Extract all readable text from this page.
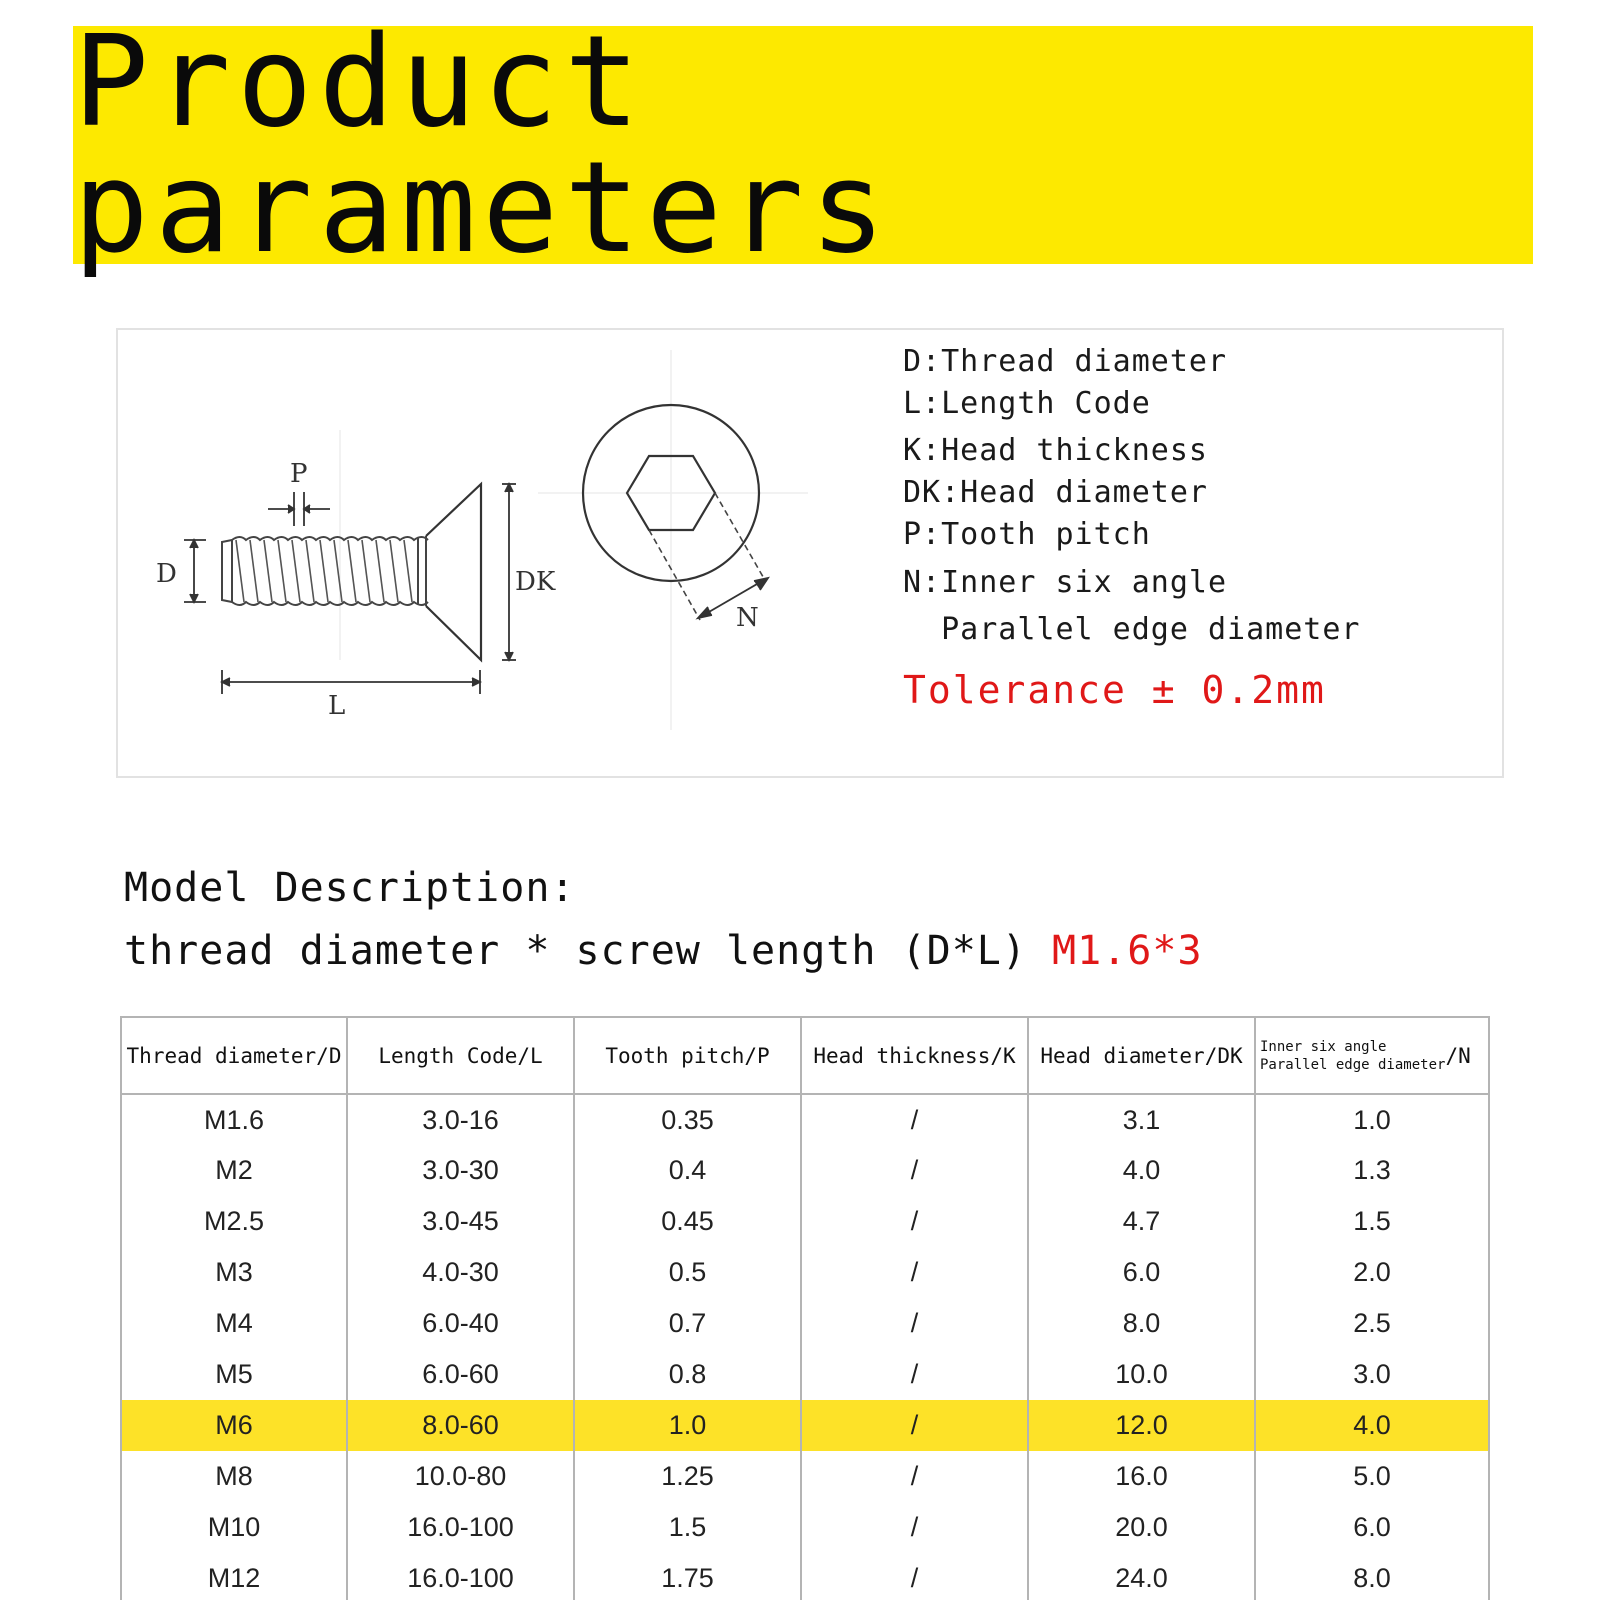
Product parameters
P
D	DK
L
N
D:Thread diameter
L:Length Code
K:Head thickness
DK:Head diameter
P:Tooth pitch
N:Inner six angle
Parallel edge diameter
Tolerance ± 0.2mm
Model Description:
thread diameter * screw length (D*L) M1.6*3
Thread diameter/D	Length Code/L	Tooth pitch/P	Head thickness/K	Head diameter/DK	Inner six angle
Parallel edge diameter/N
M1.6	3.0-16	0.35	/	3.1	1.0
M2	3.0-30	0.4	/	4.0	1.3
M2.5	3.0-45	0.45	/	4.7	1.5
M3	4.0-30	0.5	/	6.0	2.0
M4	6.0-40	0.7	/	8.0	2.5
M5	6.0-60	0.8	/	10.0	3.0
M6	8.0-60	1.0	/	12.0	4.0
M8	10.0-80	1.25	/	16.0	5.0
M10	16.0-100	1.5	/	20.0	6.0
M12	16.0-100	1.75	/	24.0	8.0
